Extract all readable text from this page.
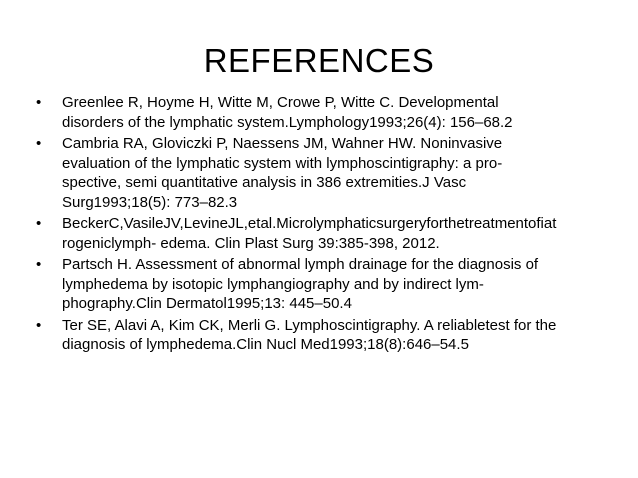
REFERENCES
•	Greenlee R, Hoyme H, Witte M, Crowe P, Witte C. Developmental
disorders of the lymphatic system.Lymphology1993;26(4): 156–68.2
•	Cambria RA, Gloviczki P, Naessens JM, Wahner HW. Noninvasive
evaluation of the lymphatic system with lymphoscintigraphy: a pro-
spective, semi quantitative analysis in 386 extremities.J Vasc
Surg1993;18(5): 773–82.3
•	BeckerC,VasileJV,LevineJL,etal.Microlymphaticsurgeryforthetreatmentofiat
rogeniclymph- edema. Clin Plast Surg 39:385-398, 2012.
•	Partsch H. Assessment of abnormal lymph drainage for the diagnosis of
lymphedema by isotopic lymphangiography and by indirect lym-
phography.Clin Dermatol1995;13: 445–50.4
•	Ter SE, Alavi A, Kim CK, Merli G. Lymphoscintigraphy. A reliabletest for the
diagnosis of lymphedema.Clin Nucl Med1993;18(8):646–54.5
